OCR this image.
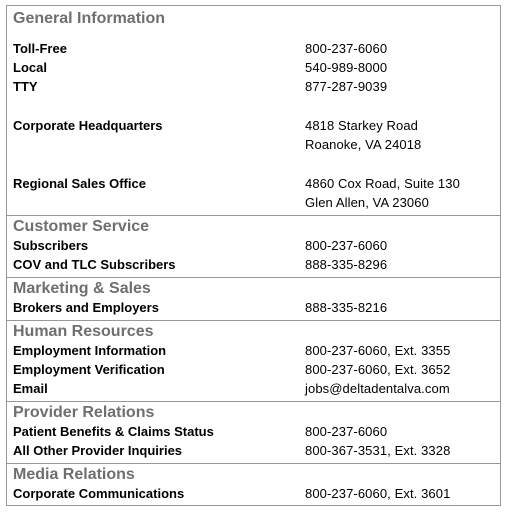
General Information
Toll-Free	800-237-6060
Local	540-989-8000
TTY	877-287-9039
Corporate Headquarters	4818 Starkey Road
Roanoke, VA 24018
Regional Sales Office	4860 Cox Road, Suite 130
Glen Allen, VA 23060
Customer Service
Subscribers	800-237-6060
COV and TLC Subscribers	888-335-8296
Marketing & Sales
Brokers and Employers	888-335-8216
Human Resources
Employment Information	800-237-6060, Ext. 3355
Employment Verification	800-237-6060, Ext. 3652
Email	jobs@deltadentalva.com
Provider Relations
Patient Benefits & Claims Status	800-237-6060
All Other Provider Inquiries	800-367-3531, Ext. 3328
Media Relations
Corporate Communications	800-237-6060, Ext. 3601
